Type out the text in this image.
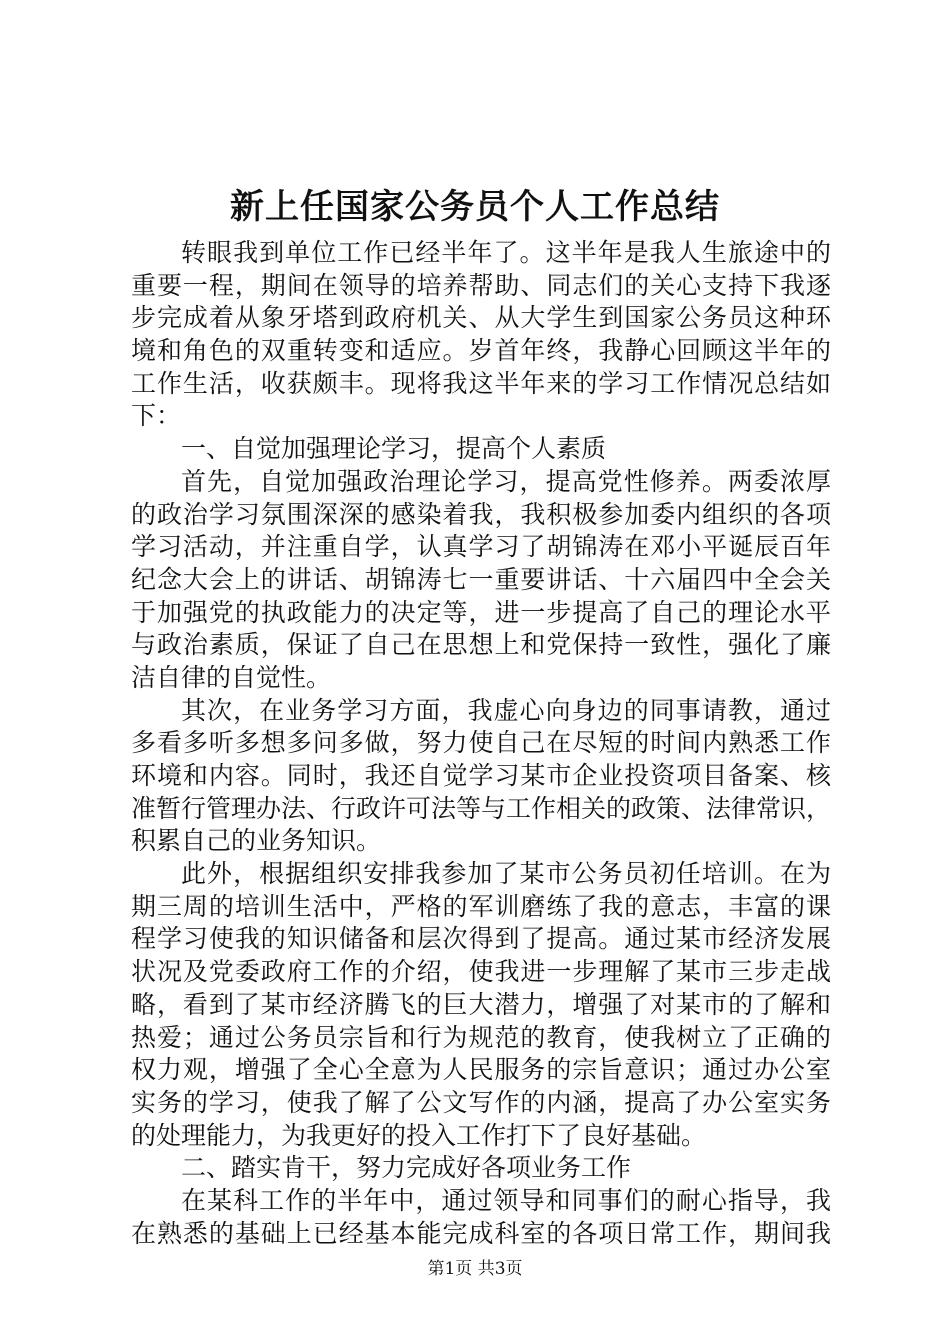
新上任国家公务员个人工作总结
转眼我到单位工作已经半年了。这半年是我人生旅途中的
重要一程，期间在领导的培养帮助、同志们的关心支持下我逐
步完成着从象牙塔到政府机关、从大学生到国家公务员这种环
境和角色的双重转变和适应。岁首年终，我静心回顾这半年的
工作生活，收获颇丰。现将我这半年来的学习工作情况总结如
下：
一、自觉加强理论学习，提高个人素质
首先，自觉加强政治理论学习，提高党性修养。两委浓厚
的政治学习氛围深深的感染着我，我积极参加委内组织的各项
学习活动，并注重自学，认真学习了胡锦涛在邓小平诞辰百年
纪念大会上的讲话、胡锦涛七一重要讲话、十六届四中全会关
于加强党的执政能力的决定等，进一步提高了自己的理论水平
与政治素质，保证了自己在思想上和党保持一致性，强化了廉
洁自律的自觉性。
其次，在业务学习方面，我虚心向身边的同事请教，通过
多看多听多想多问多做，努力使自己在尽短的时间内熟悉工作
环境和内容。同时，我还自觉学习某市企业投资项目备案、核
准暂行管理办法、行政许可法等与工作相关的政策、法律常识，
积累自己的业务知识。
此外，根据组织安排我参加了某市公务员初任培训。在为
期三周的培训生活中，严格的军训磨练了我的意志，丰富的课
程学习使我的知识储备和层次得到了提高。通过某市经济发展
状况及党委政府工作的介绍，使我进一步理解了某市三步走战
略，看到了某市经济腾飞的巨大潜力，增强了对某市的了解和
热爱；通过公务员宗旨和行为规范的教育，使我树立了正确的
权力观，增强了全心全意为人民服务的宗旨意识；通过办公室
实务的学习，使我了解了公文写作的内涵，提高了办公室实务
的处理能力，为我更好的投入工作打下了良好基础。
二、踏实肯干，努力完成好各项业务工作
在某科工作的半年中，通过领导和同事们的耐心指导，我
在熟悉的基础上已经基本能完成科室的各项日常工作，期间我
第1页 共3页
